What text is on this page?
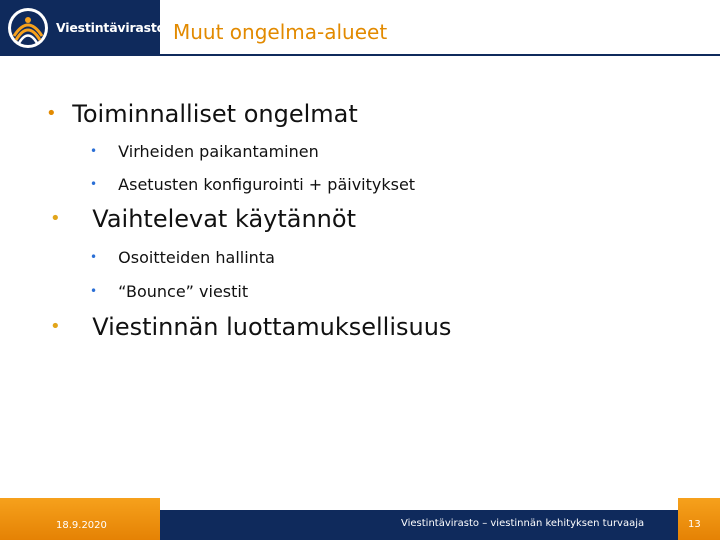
Viestintävirasto Muut ongelma-alueet
• Toiminnalliset ongelmat
• Virheiden paikantaminen
• Asetusten konfigurointi + päivitykset
• Vaihtelevat käytännöt
• Osoitteiden hallinta
• “Bounce” viestit
• Viestinnän luottamuksellisuus
18.9.2020	Viestintävirasto – viestinnän kehityksen turvaaja	13
